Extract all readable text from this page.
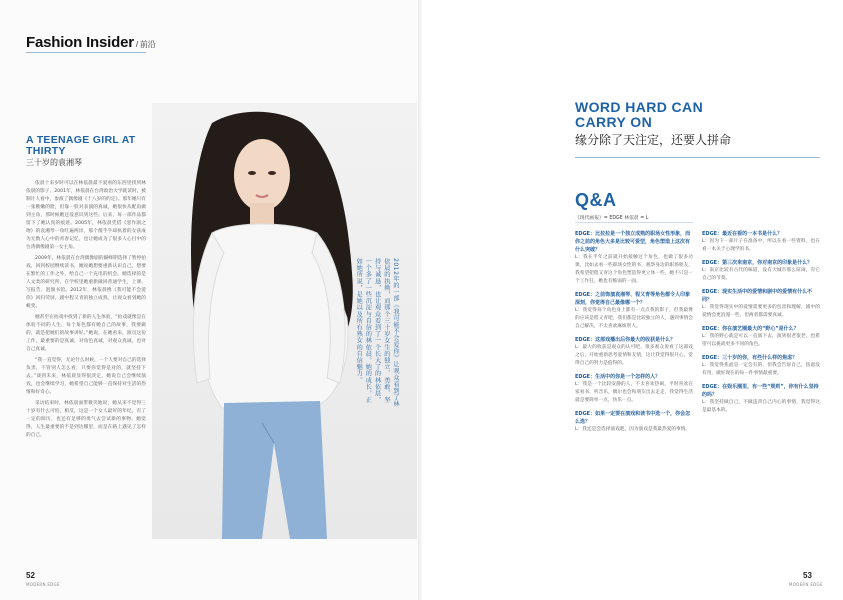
Fashion Insider / 前沿
A TEENAGE GIRL AT THIRTY
三十岁的袁湘琴

依晨十来岁时可以在林依晨最不爱看的东西里找到林依晨的影子，2001年，林依晨在台湾政治大学就读时，被制片人看中，参演了偶像剧《十八岁的约定》。那年她只有一张稚嫩的脸，但靠一股对表演的真诚，她很快从配角做到主角，那时候她还没意识到这些。后来，每一部作品都留下了她认真的痕迹。2005年，林依晨凭借《恶作剧之吻》的袁湘琴一角红遍两岸，那个傻乎乎却执着的女孩成为无数人心中的青春记忆，也让她成为了很多人心目中的台湾偶像剧第一女主角。

2009年，林依晨在台湾偶像剧的巅峰期选择了暂停拍戏，回到校园继续读书，她说她想要重新认识自己，想要在繁忙的工作之外，给自己一个充电的机会。她选择的是人文类的研究所，在学校里她重新做回普通学生，上课、写报告、泡图书馆。2012年，林依晨携《我可能不会爱你》回归荧屏，剧中程又青的独立成熟，让观众看到她的蜕变。

她甚至在拍戏中找到了新的人生体验，“拍戏就像是在体验不同的人生，每个角色都有她自己的故事，我要做的，就是把她们的故事讲好。”她说。在她看来，演员这份工作，最重要的是真诚，对角色真诚，对观众真诚，也对自己真诚。

“我一直觉得，无论什么时候，一个人要对自己的选择负责，不管别人怎么看，只要你觉得是对的，就坚持下去。”谈到未来，林依晨显得很淡定，她说自己会继续演戏，也会继续学习，她希望自己能够一直保持对生活的热情和好奇心。

采访结束时，林依晨面带微笑地说，她从来不觉得三十岁有什么可怕，相反，这是一个女人最好的年纪，有了一定的阅历，也还有足够的勇气去尝试新的事物。她觉得，人生最重要的不是到达哪里，而是在路上遇见了怎样的自己。

2012年的一部《我可能不会爱你》让观众看到了林依晨的执拗，而那个三十岁女生的独立、勇敢、坚持与诚恳，也让观众看到了一个长大了的林依晨，一个多了一些沉淀与自信的林依晨，她的成长，正如她所说，是她以及所有熟女的自信魅力。
52
MODERN EDGE
WORD HARD CAN CARRY ON
缘分除了天注定，还要人拼命
Q&A
《现代画报》= EDGE 林依晨 = L
EDGE：比拉拉是一个独立成熟的职场女性形象，而你之前的角色大多是比较可爱型，角色塑造上这次有什么突破？
L：我在半年之前就开始接触这个角色，也做了很多功课，比如去看一些职场女性的书，观察身边的职场朋友，我希望把程又青这个角色塑造得更立体一些，她不只是一个工作狂，她也有脆弱的一面。
EDGE：之前饰演袁湘琴、程又青等角色都令人印象深刻，你觉得自己最像哪一个？
L：我觉得每个角色身上都有一点点我的影子，但我最像的应该是程又青吧，我们都是比较独立的人，遇到事情会自己解决，不太喜欢麻烦别人。
EDGE：这部戏播出后你最大的收获是什么？
L：最大的收获是观众的认可吧，很多观众说看了这部戏之后，开始重新思考爱情和友情，这让我觉得很开心，觉得自己的努力是值得的。
EDGE：生活中的你是一个怎样的人？
L：我是一个比较安静的人，不太喜欢热闹，平时喜欢在家看书、听音乐，偶尔也会和朋友出去走走，我觉得生活就是要简单一点，快乐一点。
EDGE：如果一定要在演戏和读书中选一个，你会怎么选？
L：我还是会选择演戏吧，因为演戏是我最热爱的事情。
EDGE：最近在看的一本书是什么？
L：因为下一部片子在准备中，所以在看一些资料，也在看一本关于心理学的书。
EDGE：第三次来南京，你对南京的印象是什么？
L：南京比较有古代的味道，没有大城市那么喧闹，有它自己的节奏。
EDGE：现实生活中的爱情和剧中的爱情有什么不同？
L：我觉得现实中的爱情需要更多的包容和理解，剧中的爱情会更浪漫一些，但两者都需要真诚。
EDGE：你在演艺圈最大的“野心”是什么？
L：我的野心就是可以一直演下去，演到很老很老，也希望可以挑战更多不同的角色。
EDGE：三十岁的你，有些什么样的焦虑？
L：我觉得焦虑是一定会有的，但我会告诉自己，焦虑没有用，做好现在的每一件事情最重要。
EDGE：在娱乐圈里，有一些“规则”，你有什么坚持的吗？
L：我坚持做自己，不做违背自己内心的事情，我觉得这是最基本的。
53
MODERN EDGE
